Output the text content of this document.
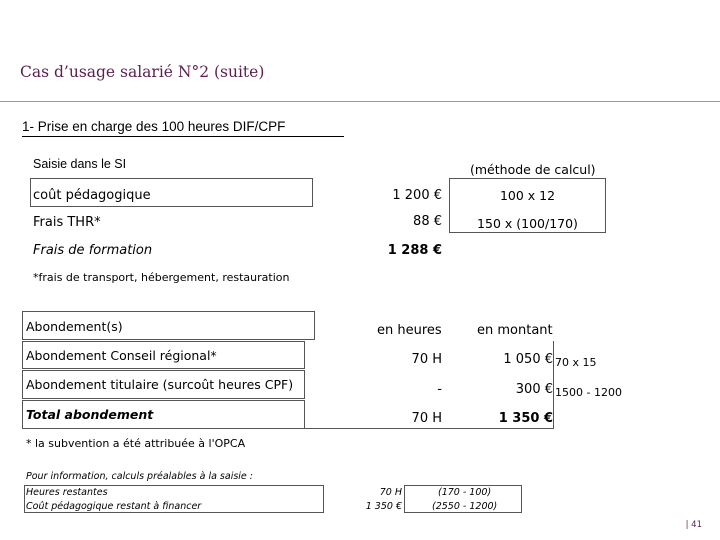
Cas d’usage salarié N°2 (suite)
1- Prise en charge des 100 heures DIF/CPF
Saisie dans le SI	(méthode de calcul)
coût pédagogique	1 200 €	100 x 12
Frais THR*	88 €	150 x (100/170)
Frais de formation	1 288 €
*frais de transport, hébergement, restauration
Abondement(s)	en heures	en montant
Abondement Conseil régional*	70 H	1 050 € 70 x 15
Abondement titulaire (surcoût heures CPF)	-	300 € 1500 - 1200
Total abondement	70 H	1 350 €
* la subvention a été attribuée à l'OPCA
Pour information, calculs préalables à la saisie :
Heures restantes	70 H	(170 - 100)
Coût pédagogique restant à financer	1 350 €	(2550 - 1200)
| 41
